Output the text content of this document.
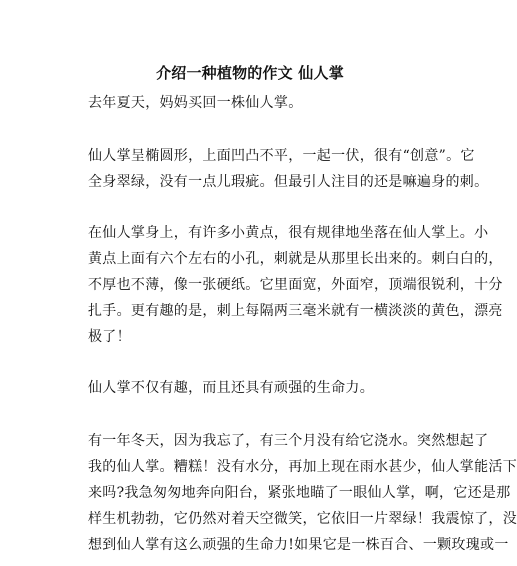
介绍一种植物的作文 仙人掌
去年夏天，妈妈买回一株仙人掌。
仙人掌呈椭圆形，上面凹凸不平，一起一伏，很有“创意”。它
全身翠绿，没有一点儿瑕疵。但最引人注目的还是嘛遍身的刺。
在仙人掌身上，有许多小黄点，很有规律地坐落在仙人掌上。小
黄点上面有六个左右的小孔，刺就是从那里长出来的。刺白白的，
不厚也不薄，像一张硬纸。它里面宽，外面窄，顶端很锐利，十分
扎手。更有趣的是，刺上每隔两三毫米就有一横淡淡的黄色，漂亮
极了！
仙人掌不仅有趣，而且还具有顽强的生命力。
有一年冬天，因为我忘了，有三个月没有给它浇水。突然想起了
我的仙人掌。糟糕！没有水分，再加上现在雨水甚少，仙人掌能活下
来吗?我急匆匆地奔向阳台，紧张地瞄了一眼仙人掌，啊，它还是那
样生机勃勃，它仍然对着天空微笑，它依旧一片翠绿！我震惊了，没
想到仙人掌有这么顽强的生命力!如果它是一株百合、一颗玫瑰或一
